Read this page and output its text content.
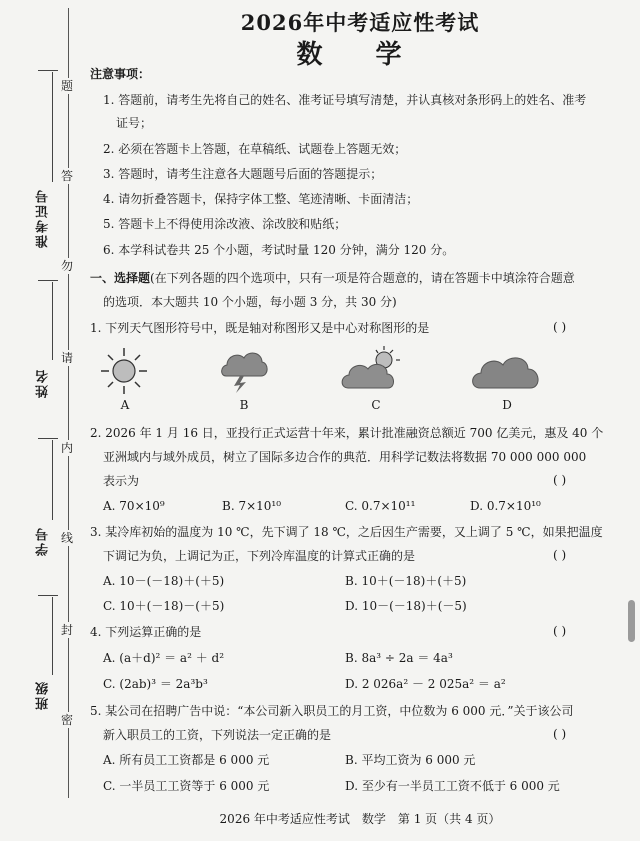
题
答
勿
请
内
线
封
密
准考证号
姓名
学号
班级
2026年中考适应性考试
数 学
注意事项：
1. 答题前，请考生先将自己的姓名、准考证号填写清楚，并认真核对条形码上的姓名、准考
证号；
2. 必须在答题卡上答题，在草稿纸、试题卷上答题无效；
3. 答题时，请考生注意各大题题号后面的答题提示；
4. 请勿折叠答题卡，保持字体工整、笔迹清晰、卡面清洁；
5. 答题卡上不得使用涂改液、涂改胶和贴纸；
6. 本学科试卷共 25 个小题，考试时量 120 分钟，满分 120 分。
一、选择题(在下列各题的四个选项中，只有一项是符合题意的，请在答题卡中填涂符合题意
的选项．本大题共 10 个小题，每小题 3 分，共 30 分)
1. 下列天气图形符号中，既是轴对称图形又是中心对称图形的是	( )
A	B	C	D
2. 2026 年 1 月 16 日，亚投行正式运营十年来，累计批准融资总额近 700 亿美元，惠及 40 个
亚洲域内与域外成员，树立了国际多边合作的典范．用科学记数法将数据 70 000 000 000
表示为	( )
A. 70×10⁹	B. 7×10¹⁰	C. 0.7×10¹¹	D. 0.7×10¹⁰
3. 某冷库初始的温度为 10 ℃，先下调了 18 ℃，之后因生产需要，又上调了 5 ℃，如果把温度
下调记为负，上调记为正，下列冷库温度的计算式正确的是	( )
A. 10－(－18)＋(＋5)	B. 10＋(－18)＋(＋5)
C. 10＋(－18)－(＋5)	D. 10－(－18)＋(－5)
4. 下列运算正确的是	( )
A. (a＋d)² ＝ a² ＋ d²	B. 8a³ ÷ 2a ＝ 4a³
C. (2ab)³ ＝ 2a³b³	D. 2 026a² － 2 025a² ＝ a²
5. 某公司在招聘广告中说：“本公司新入职员工的月工资，中位数为 6 000 元．”关于该公司
新入职员工的工资，下列说法一定正确的是	( )
A. 所有员工工资都是 6 000 元	B. 平均工资为 6 000 元
C. 一半员工工资等于 6 000 元	D. 至少有一半员工工资不低于 6 000 元
2026 年中考适应性考试　数学　第 1 页（共 4 页）
